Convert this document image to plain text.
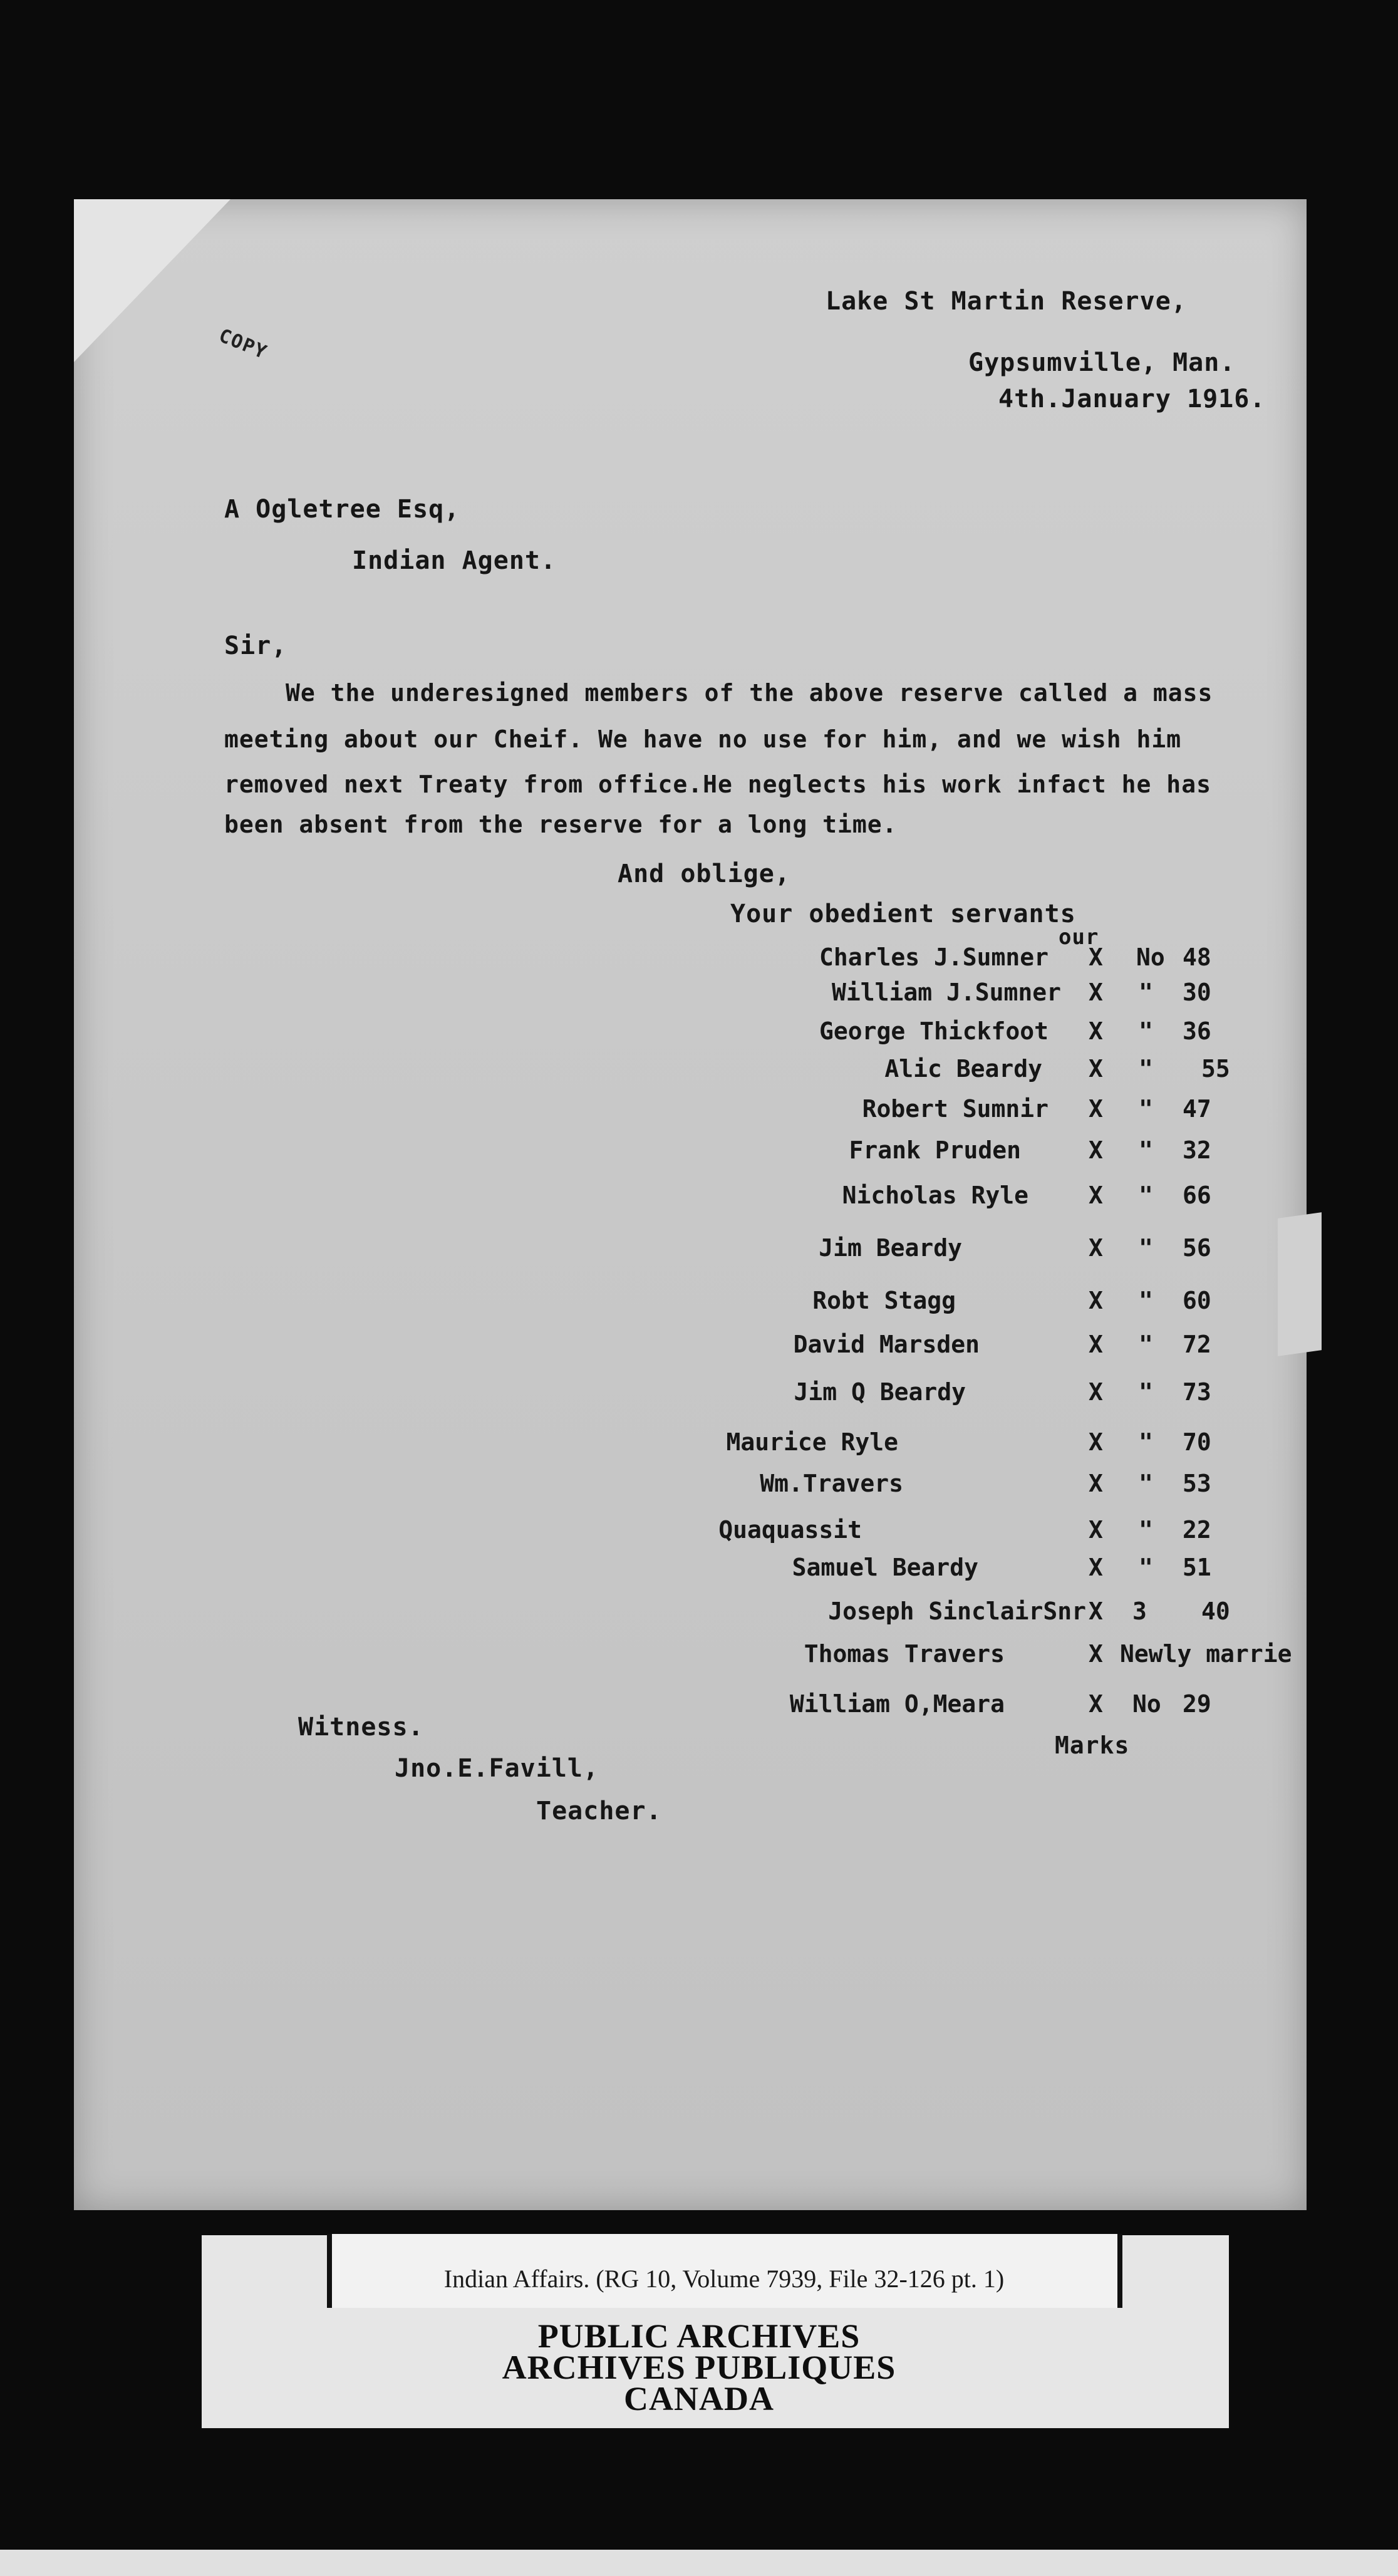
COPY
Lake St Martin Reserve,
Gypsumville, Man.
4th.January 1916.
A Ogletree Esq,
Indian Agent.
Sir,
We the underesigned members of the above reserve called a mass
meeting about our Cheif. We have no use for him, and we wish him
removed next Treaty from office.He neglects his work infact he has
been absent from the reserve for a long time.
And oblige,
Your obedient servants
our
Charles J.Sumner X No 48
William J.Sumner X " 30
George Thickfoot X " 36
Alic Beardy X " 55
Robert Sumnir X " 47
Frank Pruden	X " 32
Nicholas Ryle	X " 66
Jim Beardy	X " 56
Robt Stagg	X " 60
David Marsden	X " 72
Jim Q Beardy	X " 73
Maurice Ryle	X " 70
Wm.Travers	X " 53
Quaquassit	X " 22
Samuel Beardy	X " 51
Joseph SinclairSnr X 3 40
Thomas Travers	X Newly marrie
William O,Meara	X No 29
Marks
Witness.
Jno.E.Favill,
Teacher.
Indian Affairs. (RG 10, Volume 7939, File 32-126 pt. 1)
PUBLIC ARCHIVES
ARCHIVES PUBLIQUES
CANADA
